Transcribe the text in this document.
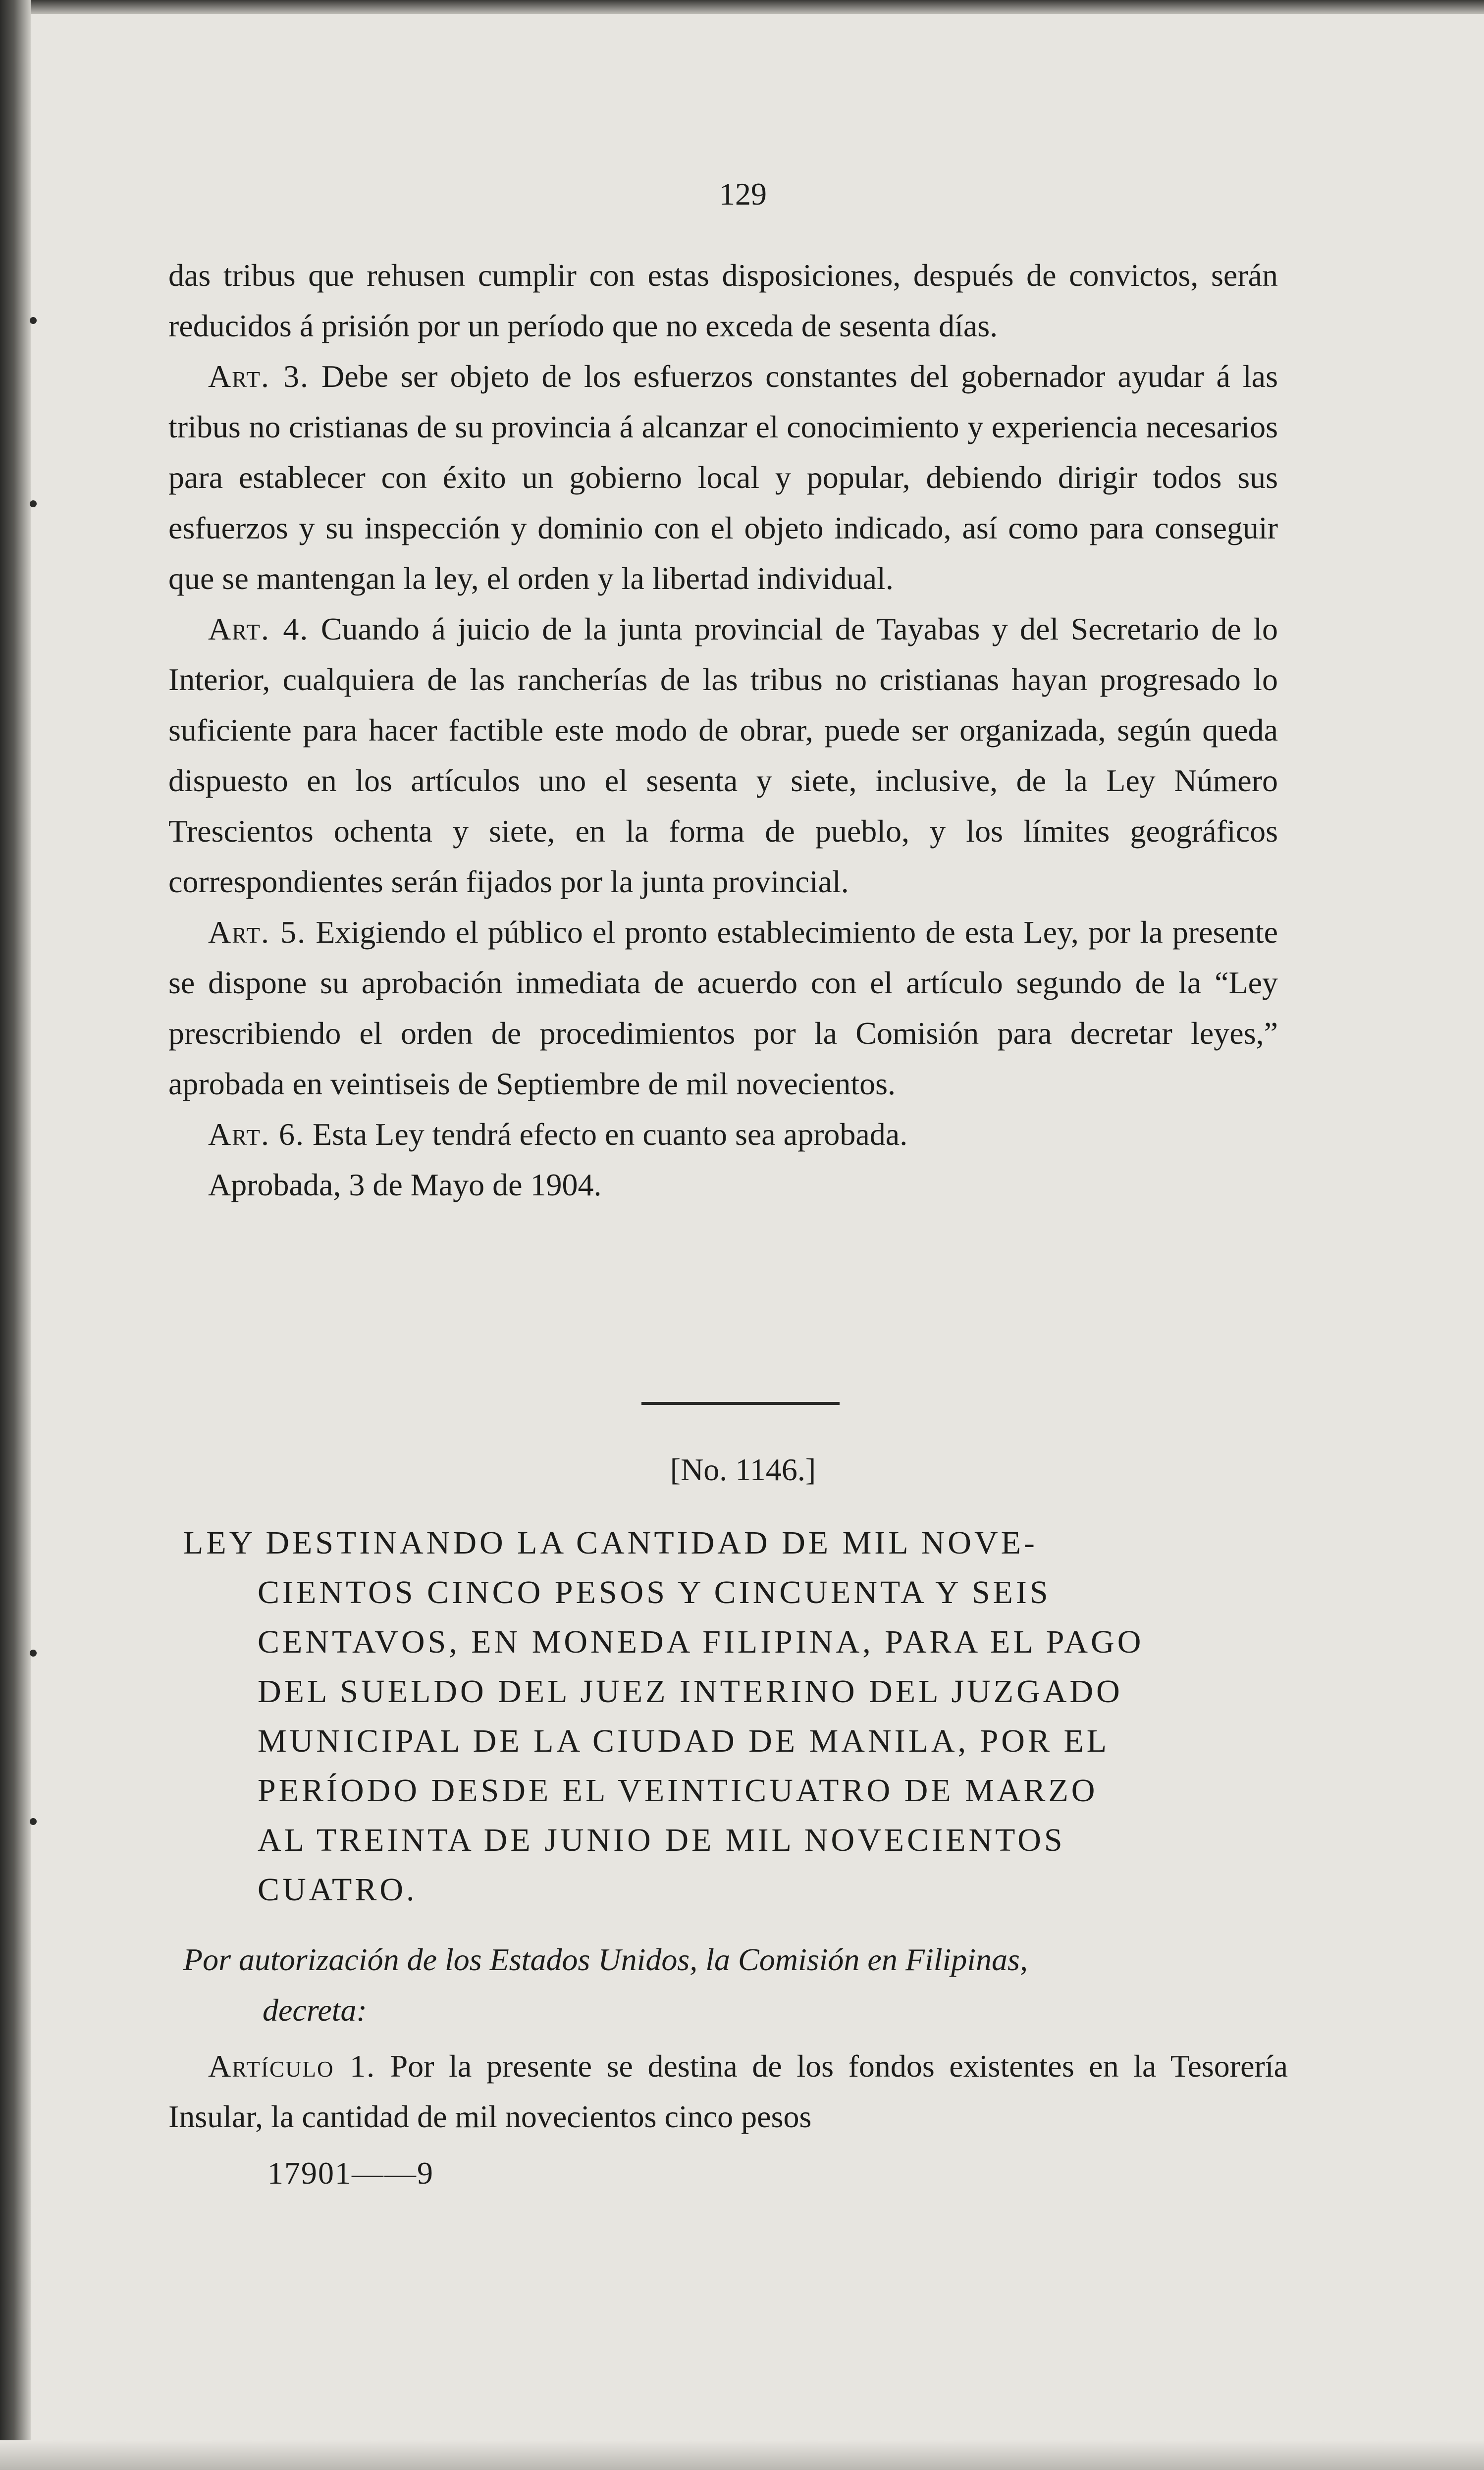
129

das tribus que rehusen cumplir con estas disposiciones, después de convictos, serán reducidos á prisión por un período que no exceda de sesenta días.

Art. 3. Debe ser objeto de los esfuerzos constantes del gobernador ayudar á las tribus no cristianas de su provincia á alcanzar el conocimiento y experiencia necesarios para establecer con éxito un gobierno local y popular, debiendo dirigir todos sus esfuerzos y su inspección y dominio con el objeto indicado, así como para conseguir que se mantengan la ley, el orden y la libertad individual.

Art. 4. Cuando á juicio de la junta provincial de Tayabas y del Secretario de lo Interior, cualquiera de las rancherías de las tribus no cristianas hayan progresado lo suficiente para hacer factible este modo de obrar, puede ser organizada, según queda dispuesto en los artículos uno el sesenta y siete, inclusive, de la Ley Número Trescientos ochenta y siete, en la forma de pueblo, y los límites geográficos correspondientes serán fijados por la junta provincial.

Art. 5. Exigiendo el público el pronto establecimiento de esta Ley, por la presente se dispone su aprobación inmediata de acuerdo con el artículo segundo de la “Ley prescribiendo el orden de procedimientos por la Comisión para decretar leyes,” aprobada en veintiseis de Septiembre de mil novecientos.

Art. 6. Esta Ley tendrá efecto en cuanto sea aprobada.

Aprobada, 3 de Mayo de 1904.

[No. 1146.]
LEY DESTINANDO LA CANTIDAD DE MIL NOVE-
CIENTOS CINCO PESOS Y CINCUENTA Y SEIS
CENTAVOS, EN MONEDA FILIPINA, PARA EL PAGO
DEL SUELDO DEL JUEZ INTERINO DEL JUZGADO
MUNICIPAL DE LA CIUDAD DE MANILA, POR EL
PERÍODO DESDE EL VEINTICUATRO DE MARZO
AL TREINTA DE JUNIO DE MIL NOVECIENTOS
CUATRO.
Por autorización de los Estados Unidos, la Comisión en Filipinas,
decreta:

Artículo 1. Por la presente se destina de los fondos existentes en la Tesorería Insular, la cantidad de mil novecientos cinco pesos

17901——9
